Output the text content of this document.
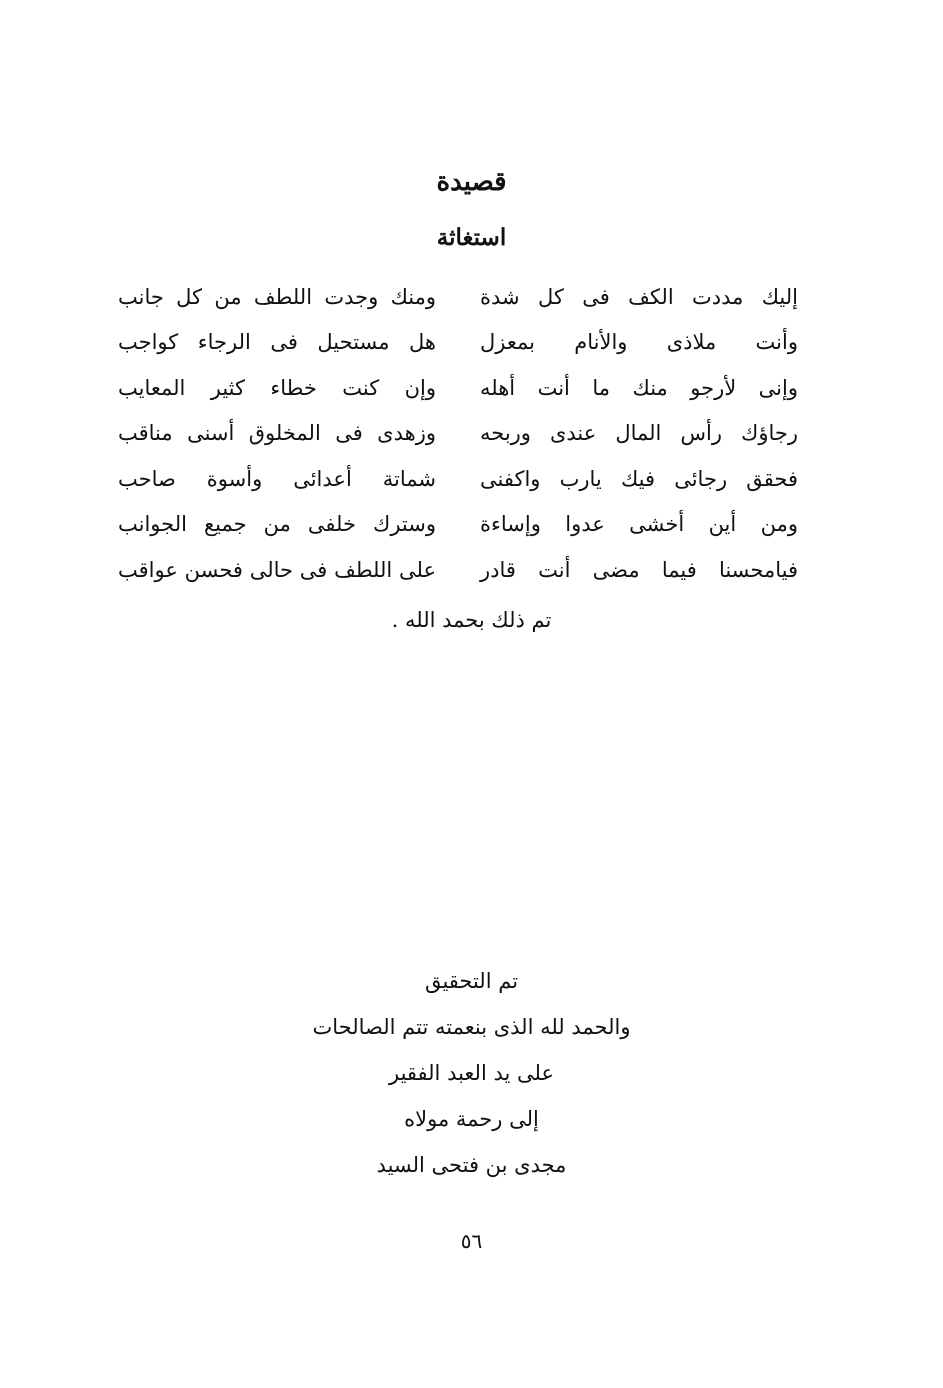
قصيدة
استغاثة
إليك مددت الكف فى كل شدة
ومنك وجدت اللطف من كل جانب
وأنت ملاذى والأنام بمعزل
هل مستحيل فى الرجاء كواجب
وإنى لأرجو منك ما أنت أهله
وإن كنت خطاء كثير المعايب
رجاؤك رأس المال عندى وربحه
وزهدى فى المخلوق أسنى مناقب
فحقق رجائى فيك يارب واكفنى
شماتة أعدائى وأسوة صاحب
ومن أين أخشى عدوا وإساءة
وسترك خلفى من جميع الجوانب
فيامحسنا فيما مضى أنت قادر
على اللطف فى حالى فحسن عواقب
تم ذلك بحمد الله .
تم التحقيق
والحمد لله الذى بنعمته تتم الصالحات
على يد العبد الفقير
إلى رحمة مولاه
مجدى بن فتحى السيد
٥٦
